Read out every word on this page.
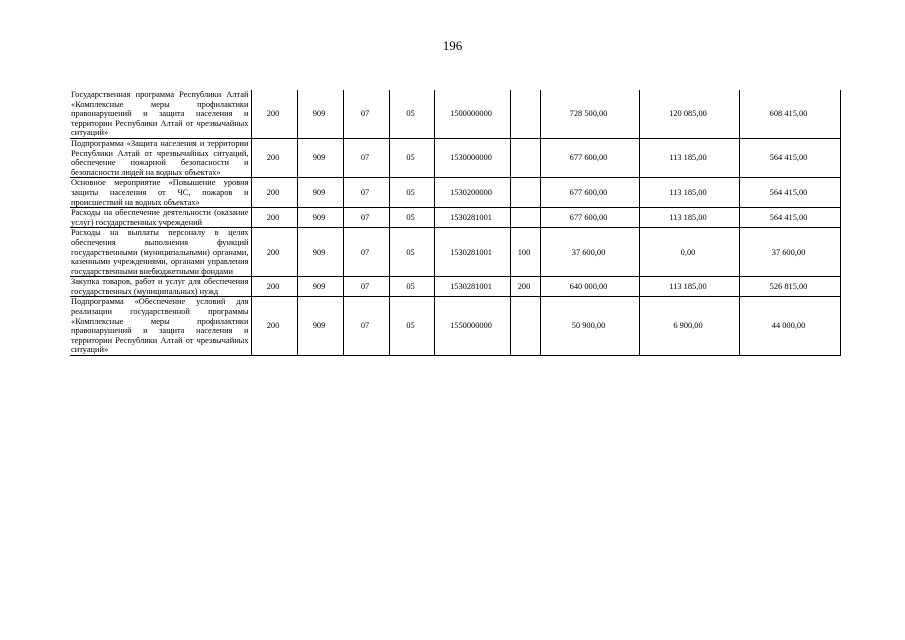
196
Государственная программа Республики Алтай «Комплексные меры профилактики правонарушений и защита населения и территории Республики Алтай от чрезвычайных ситуаций»	200	909	07	05	1500000000		728 500,00	120 085,00	608 415,00
Подпрограмма «Защита населения и территории Республики Алтай от чрезвычайных ситуаций, обеспечение пожарной безопасности и безопасности людей на водных объектах»	200	909	07	05	1530000000		677 600,00	113 185,00	564 415,00
Основное мероприятие «Повышение уровня защиты населения от ЧС, пожаров и происшествий на водных объектах»	200	909	07	05	1530200000		677 600,00	113 185,00	564 415,00
Расходы на обеспечение деятельности (оказание услуг) государственных учреждений	200	909	07	05	1530281001		677 600,00	113 185,00	564 415,00
Расходы на выплаты персоналу в целях обеспечения выполнения функций государственными (муниципальными) органами, казенными учреждениями, органами управления государственными внебюджетными фондами	200	909	07	05	1530281001	100	37 600,00	0,00	37 600,00
Закупка товаров, работ и услуг для обеспечения государственных (муниципальных) нужд	200	909	07	05	1530281001	200	640 000,00	113 185,00	526 815,00
Подпрограмма «Обеспечение условий для реализации государственной программы «Комплексные меры профилактики правонарушений и защита населения и территории Республики Алтай от чрезвычайных ситуаций»	200	909	07	05	1550000000		50 900,00	6 900,00	44 000,00
